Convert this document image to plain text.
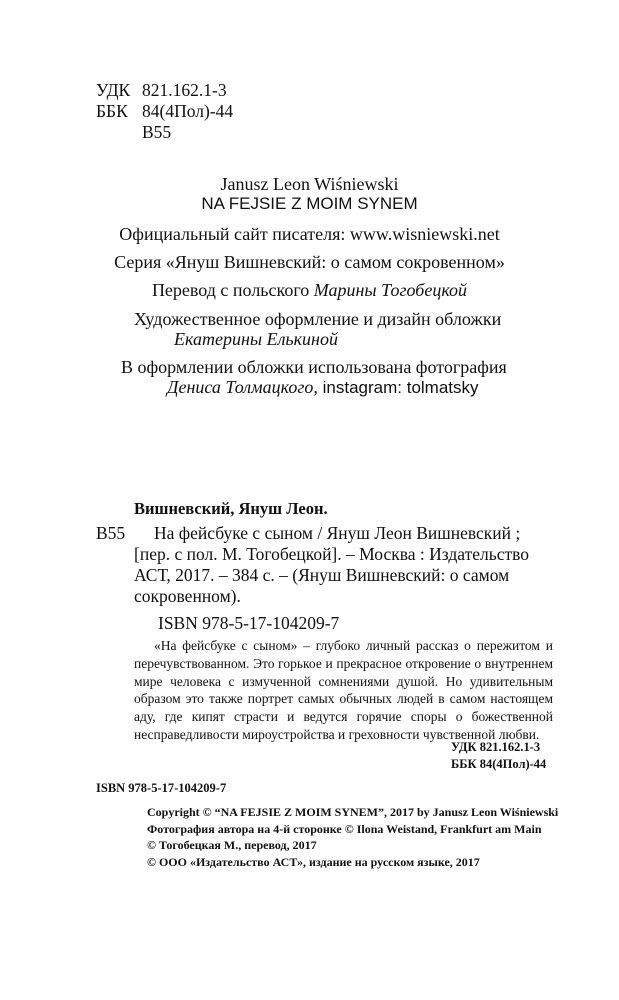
УДК 821.162.1-3
ББК 84(4Пол)-44
В55
Janusz Leon Wiśniewski
NA FEJSIE Z MOIM SYNEM
Официальный сайт писателя: www.wisniewski.net
Серия «Януш Вишневский: о самом сокровенном»
Перевод с польского Марины Тогобецкой
Художественное оформление и дизайн обложки
Екатерины Елькиной
В оформлении обложки использована фотография
Дениса Толмацкого, instagram: tolmatsky
Вишневский, Януш Леон.
В55	На фейсбуке с сыном / Януш Леон Вишневский ;
[пер. с пол. М. Тогобецкой]. – Москва : Издательство
АСТ, 2017. – 384 с. – (Януш Вишневский: о самом
сокровенном).
ISBN 978-5-17-104209-7
«На фейсбуке с сыном» – глубоко личный рассказ о пережитом и перечувствованном. Это горькое и прекрасное откровение о внутреннем мире человека с измученной сомнениями душой. Но удивительным образом это также портрет самых обычных людей в самом настоящем аду, где кипят страсти и ведутся горячие споры о божественной несправедливости мироустройства и греховности чувственной любви.
УДК 821.162.1-3
ББК 84(4Пол)-44
ISBN 978-5-17-104209-7
Copyright © “NA FEJSIE Z MOIM SYNEM”, 2017 by Janusz Leon Wiśniewski
Фотография автора на 4-й сторонке © Ilona Weistand, Frankfurt am Main
© Тогобецкая М., перевод, 2017
© ООО «Издательство АСТ», издание на русском языке, 2017
